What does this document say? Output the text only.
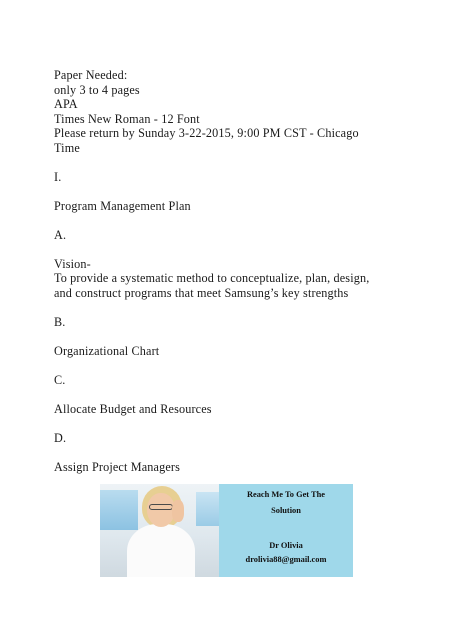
Paper Needed:
only 3 to 4 pages
APA
Times New Roman - 12 Font
Please return by Sunday 3-22-2015, 9:00 PM CST - Chicago
Time
I.
Program Management Plan
A.
Vision-
To provide a systematic method to conceptualize, plan, design,
and construct programs that meet Samsung’s key strengths
B.
Organizational Chart
C.
Allocate Budget and Resources
D.
Assign Project Managers
Reach Me To Get The
Solution
Dr Olivia
drolivia88@gmail.com
